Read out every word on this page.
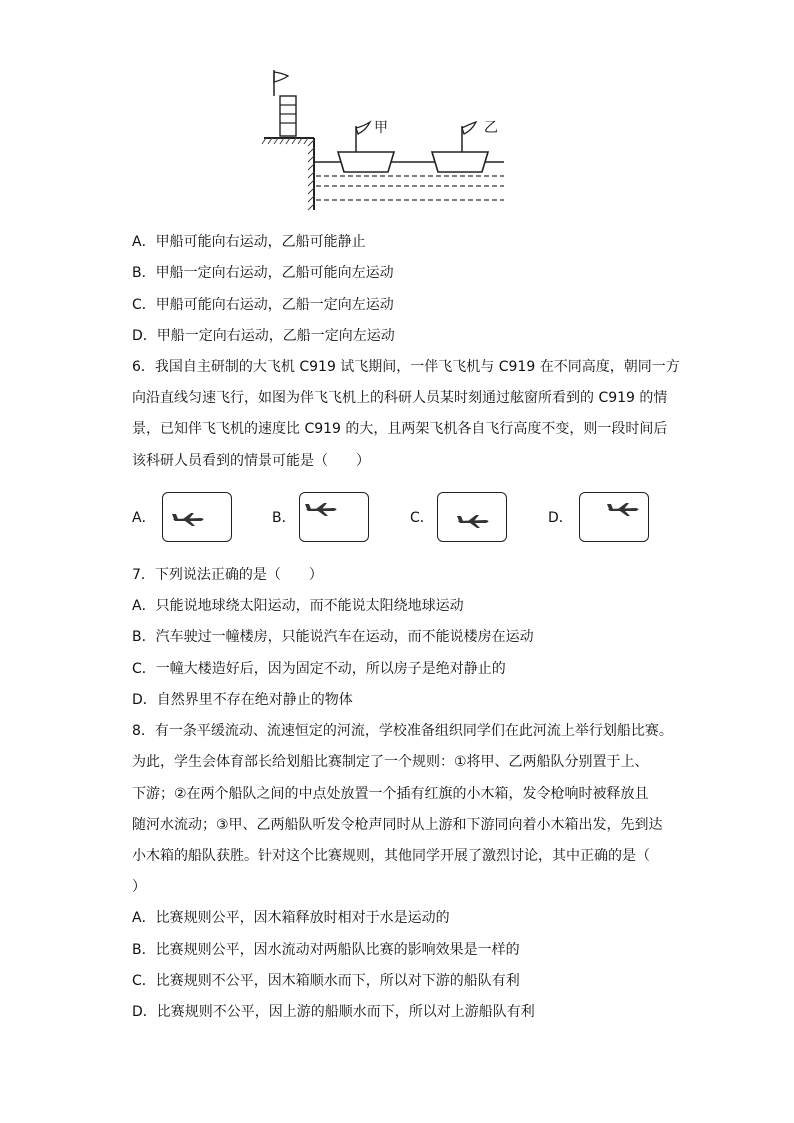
甲	乙
A．甲船可能向右运动，乙船可能静止
B．甲船一定向右运动，乙船可能向左运动
C．甲船可能向右运动，乙船一定向左运动
D．甲船一定向右运动，乙船一定向左运动
6．我国自主研制的大飞机 C919 试飞期间，一伴飞飞机与 C919 在不同高度，朝同一方
向沿直线匀速飞行，如图为伴飞飞机上的科研人员某时刻通过舷窗所看到的 C919 的情
景，已知伴飞飞机的速度比 C919 的大，且两架飞机各自飞行高度不变，则一段时间后
该科研人员看到的情景可能是（　　）
A．	B．	C．	D．
7．下列说法正确的是（　　）
A．只能说地球绕太阳运动，而不能说太阳绕地球运动
B．汽车驶过一幢楼房，只能说汽车在运动，而不能说楼房在运动
C．一幢大楼造好后，因为固定不动，所以房子是绝对静止的
D．自然界里不存在绝对静止的物体
8．有一条平缓流动、流速恒定的河流，学校准备组织同学们在此河流上举行划船比赛。
为此，学生会体育部长给划船比赛制定了一个规则：①将甲、乙两船队分别置于上、
下游；②在两个船队之间的中点处放置一个插有红旗的小木箱，发令枪响时被释放且
随河水流动；③甲、乙两船队听发令枪声同时从上游和下游同向着小木箱出发，先到达
小木箱的船队获胜。针对这个比赛规则，其他同学开展了激烈讨论，其中正确的是（
）
A．比赛规则公平，因木箱释放时相对于水是运动的
B．比赛规则公平，因水流动对两船队比赛的影响效果是一样的
C．比赛规则不公平，因木箱顺水而下，所以对下游的船队有利
D．比赛规则不公平，因上游的船顺水而下，所以对上游船队有利
